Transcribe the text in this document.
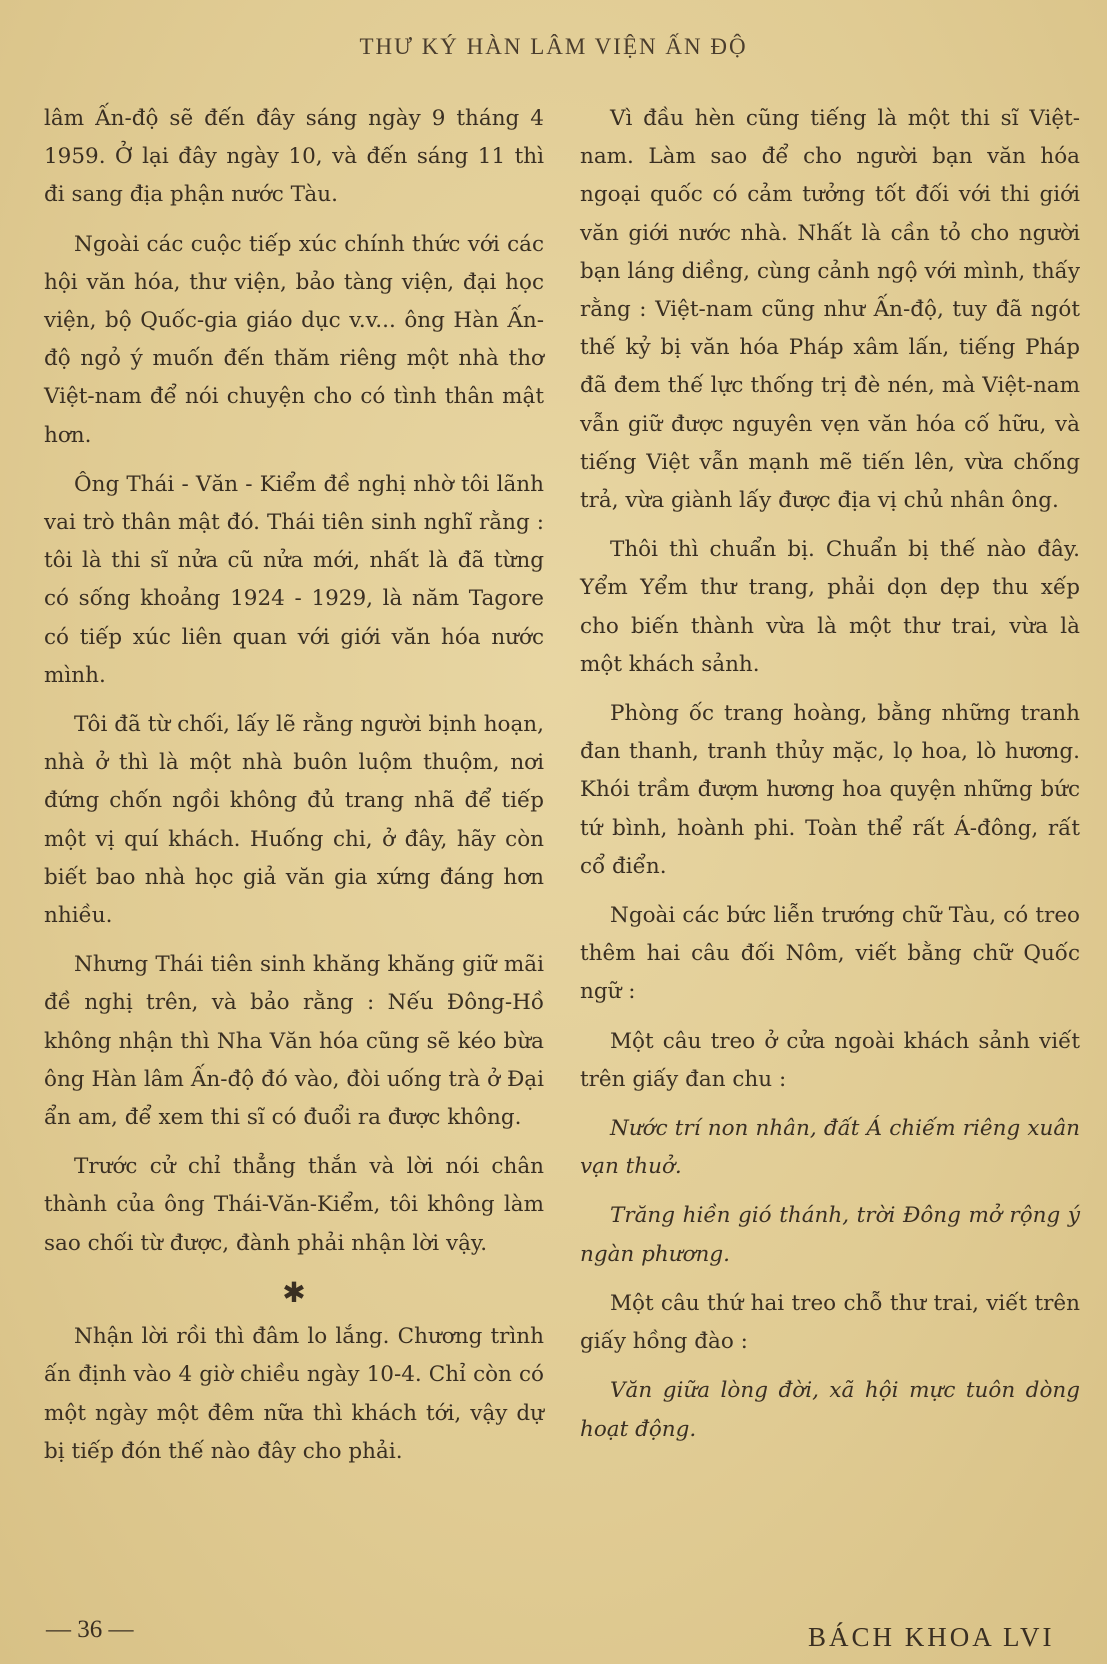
THƯ KÝ HÀN LÂM VIỆN ẤN ĐỘ

lâm Ấn-độ sẽ đến đây sáng ngày 9 tháng 4 1959. Ở lại đây ngày 10, và đến sáng 11 thì đi sang địa phận nước Tàu.

Ngoài các cuộc tiếp xúc chính thức với các hội văn hóa, thư viện, bảo tàng viện, đại học viện, bộ Quốc-gia giáo dục v.v... ông Hàn Ấn-độ ngỏ ý muốn đến thăm riêng một nhà thơ Việt-nam để nói chuyện cho có tình thân mật hơn.

Ông Thái - Văn - Kiểm đề nghị nhờ tôi lãnh vai trò thân mật đó. Thái tiên sinh nghĩ rằng : tôi là thi sĩ nửa cũ nửa mới, nhất là đã từng có sống khoảng 1924 - 1929, là năm Tagore có tiếp xúc liên quan với giới văn hóa nước mình.

Tôi đã từ chối, lấy lẽ rằng người bịnh hoạn, nhà ở thì là một nhà buôn luộm thuộm, nơi đứng chốn ngồi không đủ trang nhã để tiếp một vị quí khách. Huống chi, ở đây, hãy còn biết bao nhà học giả văn gia xứng đáng hơn nhiều.

Nhưng Thái tiên sinh khăng khăng giữ mãi đề nghị trên, và bảo rằng : Nếu Đông-Hồ không nhận thì Nha Văn hóa cũng sẽ kéo bừa ông Hàn lâm Ấn-độ đó vào, đòi uống trà ở Đại ẩn am, để xem thi sĩ có đuổi ra được không.

Trước cử chỉ thẳng thắn và lời nói chân thành của ông Thái-Văn-Kiểm, tôi không làm sao chối từ được, đành phải nhận lời vậy.

✱

Nhận lời rồi thì đâm lo lắng. Chương trình ấn định vào 4 giờ chiều ngày 10-4. Chỉ còn có một ngày một đêm nữa thì khách tới, vậy dự bị tiếp đón thế nào đây cho phải.

Vì đầu hèn cũng tiếng là một thi sĩ Việt-nam. Làm sao để cho người bạn văn hóa ngoại quốc có cảm tưởng tốt đối với thi giới văn giới nước nhà. Nhất là cần tỏ cho người bạn láng diềng, cùng cảnh ngộ với mình, thấy rằng : Việt-nam cũng như Ấn-độ, tuy đã ngót thế kỷ bị văn hóa Pháp xâm lấn, tiếng Pháp đã đem thế lực thống trị đè nén, mà Việt-nam vẫn giữ được nguyên vẹn văn hóa cố hữu, và tiếng Việt vẫn mạnh mẽ tiến lên, vừa chống trả, vừa giành lấy được địa vị chủ nhân ông.

Thôi thì chuẩn bị. Chuẩn bị thế nào đây. Yểm Yểm thư trang, phải dọn dẹp thu xếp cho biến thành vừa là một thư trai, vừa là một khách sảnh.

Phòng ốc trang hoàng, bằng những tranh đan thanh, tranh thủy mặc, lọ hoa, lò hương. Khói trầm đượm hương hoa quyện những bức tứ bình, hoành phi. Toàn thể rất Á-đông, rất cổ điển.

Ngoài các bức liễn trướng chữ Tàu, có treo thêm hai câu đối Nôm, viết bằng chữ Quốc ngữ :

Một câu treo ở cửa ngoài khách sảnh viết trên giấy đan chu :

Nước trí non nhân, đất Á chiếm riêng xuân vạn thuở.

Trăng hiền gió thánh, trời Đông mở rộng ý ngàn phương.

Một câu thứ hai treo chỗ thư trai, viết trên giấy hồng đào :

Văn giữa lòng đời, xã hội mực tuôn dòng hoạt động.

— 36 —	BÁCH KHOA LVI
